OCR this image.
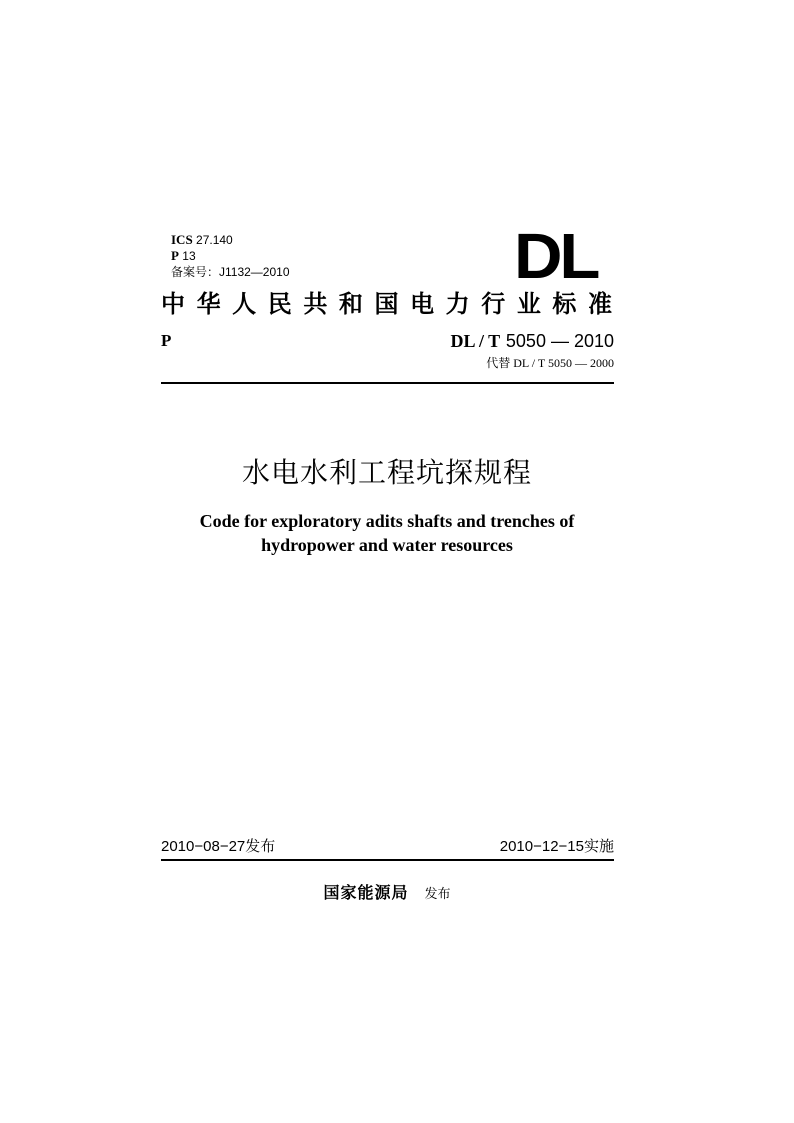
ICS 27.140
P 13
备案号：J1132—2010	DL
中华人民共和国电力行业标准
P	DL / T 5050 — 2010
代替 DL / T 5050 — 2000
水电水利工程坑探规程
Code for exploratory adits shafts and trenches of
hydropower and water resources
2010−08−27发布	2010−12−15实施
国家能源局 发布
